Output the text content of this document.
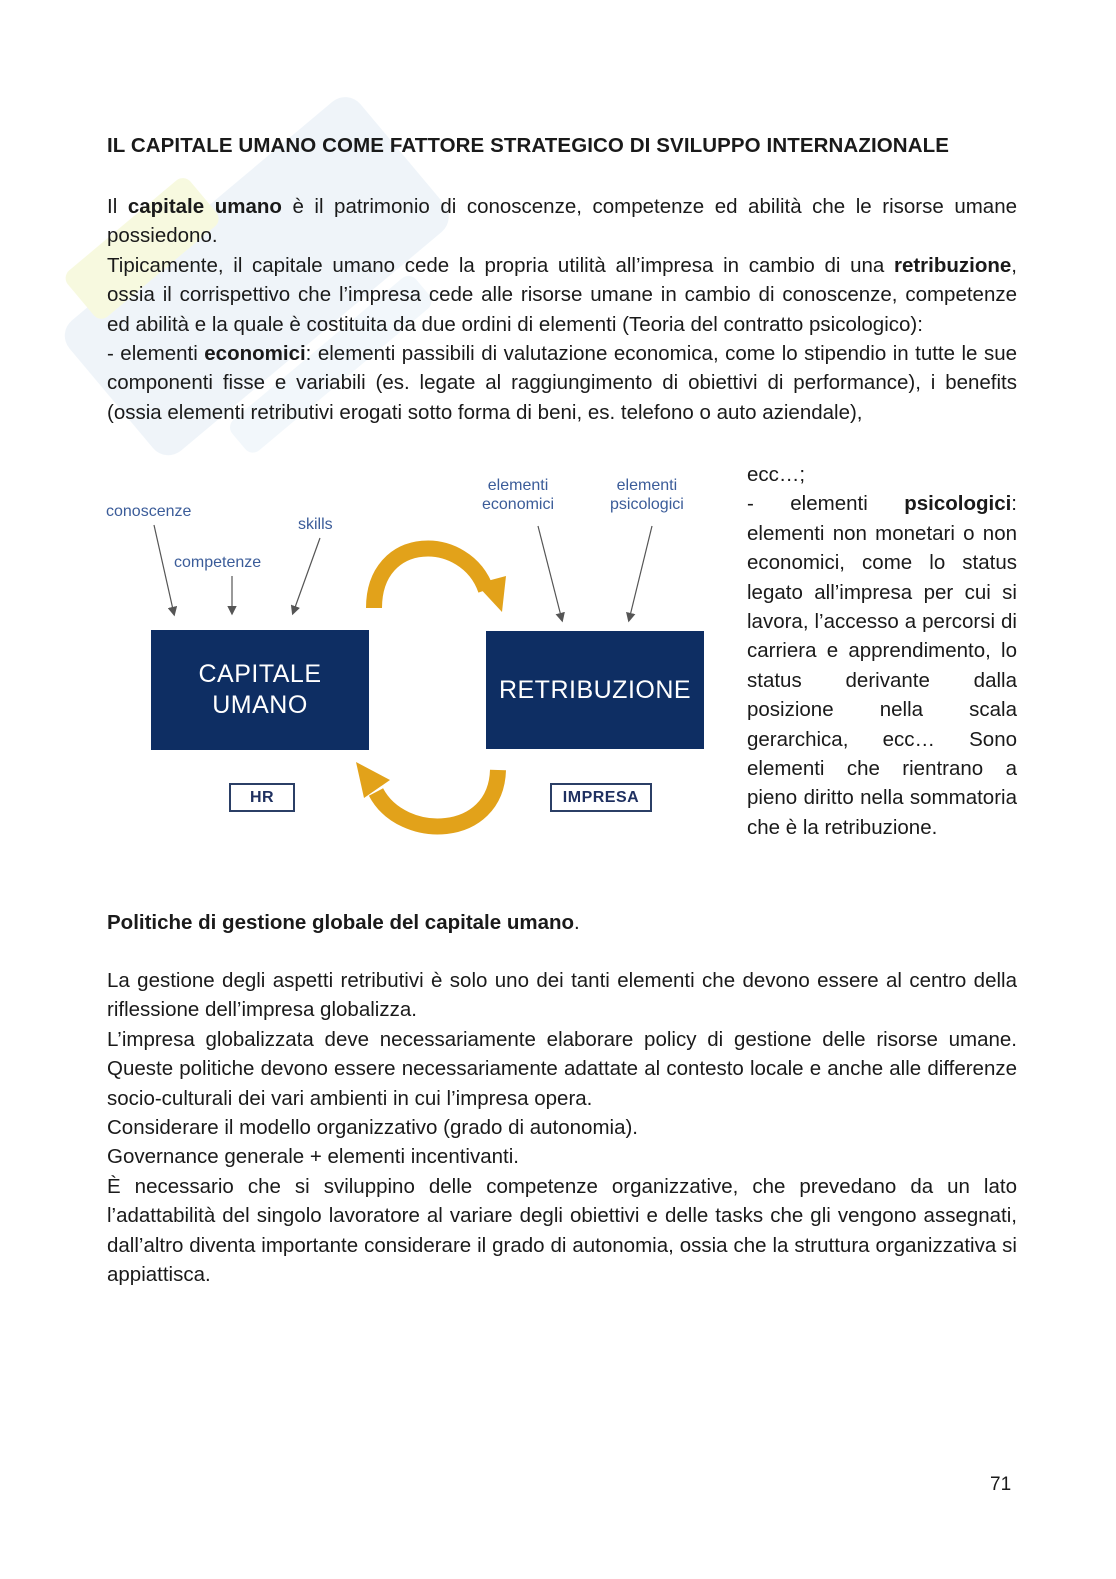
IL CAPITALE UMANO COME FATTORE STRATEGICO DI SVILUPPO INTERNAZIONALE

Il capitale umano è il patrimonio di conoscenze, competenze ed abilità che le risorse umane possiedono.

Tipicamente, il capitale umano cede la propria utilità all’impresa in cambio di una retribuzione, ossia il corrispettivo che l’impresa cede alle risorse umane in cambio di conoscenze, competenze ed abilità e la quale è costituita da due ordini di elementi (Teoria del contratto psicologico):

- elementi economici: elementi passibili di valutazione economica, come lo stipendio in tutte le sue componenti fisse e variabili (es. legate al raggiungimento di obiettivi di performance), i benefits (ossia elementi retributivi erogati sotto forma di beni, es. telefono o auto aziendale),

conoscenze
competenze
skills
elementi
economici
elementi
psicologici
CAPITALE
UMANO
RETRIBUZIONE
HR	IMPRESA

ecc…;

- elementi psicologici: elementi non monetari o non economici, come lo status legato all’impresa per cui si lavora, l’accesso a percorsi di carriera e apprendimento, lo status derivante dalla posizione nella scala gerarchica, ecc… Sono elementi che rientrano a pieno diritto nella sommatoria che è la retribuzione.

Politiche di gestione globale del capitale umano.

La gestione degli aspetti retributivi è solo uno dei tanti elementi che devono essere al centro della riflessione dell’impresa globalizza.

L’impresa globalizzata deve necessariamente elaborare policy di gestione delle risorse umane. Queste politiche devono essere necessariamente adattate al contesto locale e anche alle differenze socio-culturali dei vari ambienti in cui l’impresa opera.

Considerare il modello organizzativo (grado di autonomia).

Governance generale + elementi incentivanti.

È necessario che si sviluppino delle competenze organizzative, che prevedano da un lato l’adattabilità del singolo lavoratore al variare degli obiettivi e delle tasks che gli vengono assegnati, dall’altro diventa importante considerare il grado di autonomia, ossia che la struttura organizzativa si appiattisca.

71
